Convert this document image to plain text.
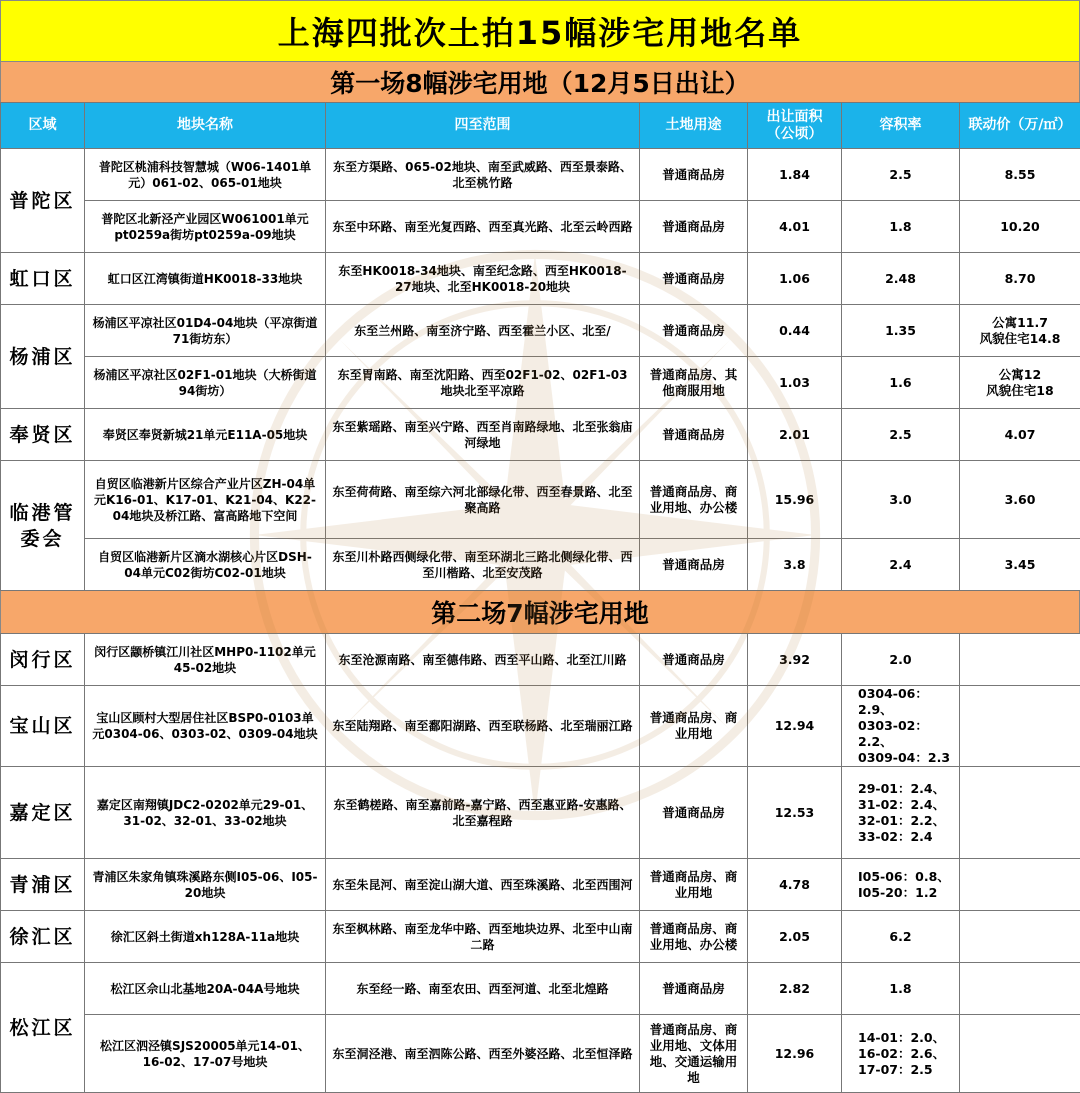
上海四批次土拍15幅涉宅用地名单
第一场8幅涉宅用地（12月5日出让）
区域	地块名称	四至范围	土地用途	出让面积（公顷）	容积率	联动价（万/㎡）
普陀区	普陀区桃浦科技智慧城（W06-1401单元）061-02、065-01地块	东至方渠路、065-02地块、南至武威路、西至景泰路、北至桃竹路	普通商品房	1.84	2.5	8.55
	普陀区北新泾产业园区W061001单元pt0259a街坊pt0259a-09地块	东至中环路、南至光复西路、西至真光路、北至云岭西路	普通商品房	4.01	1.8	10.20
虹口区	虹口区江湾镇街道HK0018-33地块	东至HK0018-34地块、南至纪念路、西至HK0018-27地块、北至HK0018-20地块	普通商品房	1.06	2.48	8.70
杨浦区	杨浦区平凉社区01D4-04地块（平凉街道71街坊东）	东至兰州路、南至济宁路、西至霍兰小区、北至/	普通商品房	0.44	1.35	公寓11.7
风貌住宅14.8
	杨浦区平凉社区02F1-01地块（大桥街道94街坊）	东至胃南路、南至沈阳路、西至02F1-02、02F1-03地块北至平凉路	普通商品房、其他商服用地	1.03	1.6	公寓12
风貌住宅18
奉贤区	奉贤区奉贤新城21单元E11A-05地块	东至紫瑶路、南至兴宁路、西至肖南路绿地、北至张翁庙河绿地	普通商品房	2.01	2.5	4.07
临港管委会	自贸区临港新片区综合产业片区ZH-04单元K16-01、K17-01、K21-04、K22-04地块及桥江路、富高路地下空间	东至荷荷路、南至综六河北部绿化带、西至春景路、北至聚高路	普通商品房、商业用地、办公楼	15.96	3.0	3.60
	自贸区临港新片区滴水湖核心片区DSH-04单元C02街坊C02-01地块	东至川朴路西侧绿化带、南至环湖北三路北侧绿化带、西至川楷路、北至安茂路	普通商品房	3.8	2.4	3.45
第二场7幅涉宅用地
闵行区	闵行区颛桥镇江川社区MHP0-1102单元45-02地块	东至沧源南路、南至德伟路、西至平山路、北至江川路	普通商品房	3.92	2.0	
宝山区	宝山区顾村大型居住社区BSP0-0103单元0304-06、0303-02、0309-04地块	东至陆翔路、南至鄱阳湖路、西至联杨路、北至瑞丽江路	普通商品房、商业用地	12.94	0304-06：2.9、
0303-02：2.2、
0309-04：2.3	
嘉定区	嘉定区南翔镇JDC2-0202单元29-01、31-02、32-01、33-02地块	东至鹤槎路、南至嘉前路-嘉宁路、西至惠亚路-安惠路、北至嘉程路	普通商品房	12.53	29-01：2.4、
31-02：2.4、
32-01：2.2、
33-02：2.4	
青浦区	青浦区朱家角镇珠溪路东侧I05-06、I05-20地块	东至朱昆河、南至淀山湖大道、西至珠溪路、北至西围河	普通商品房、商业用地	4.78	I05-06：0.8、
I05-20：1.2	
徐汇区	徐汇区斜土街道xh128A-11a地块	东至枫林路、南至龙华中路、西至地块边界、北至中山南二路	普通商品房、商业用地、办公楼	2.05	6.2	
松江区	松江区佘山北基地20A-04A号地块	东至经一路、南至农田、西至河道、北至北煌路	普通商品房	2.82	1.8	
	松江区泗泾镇SJS20005单元14-01、16-02、17-07号地块	东至洞泾港、南至泗陈公路、西至外婆泾路、北至恒泽路	普通商品房、商业用地、文体用地、交通运输用地	12.96	14-01：2.0、
16-02：2.6、
17-07：2.5	
